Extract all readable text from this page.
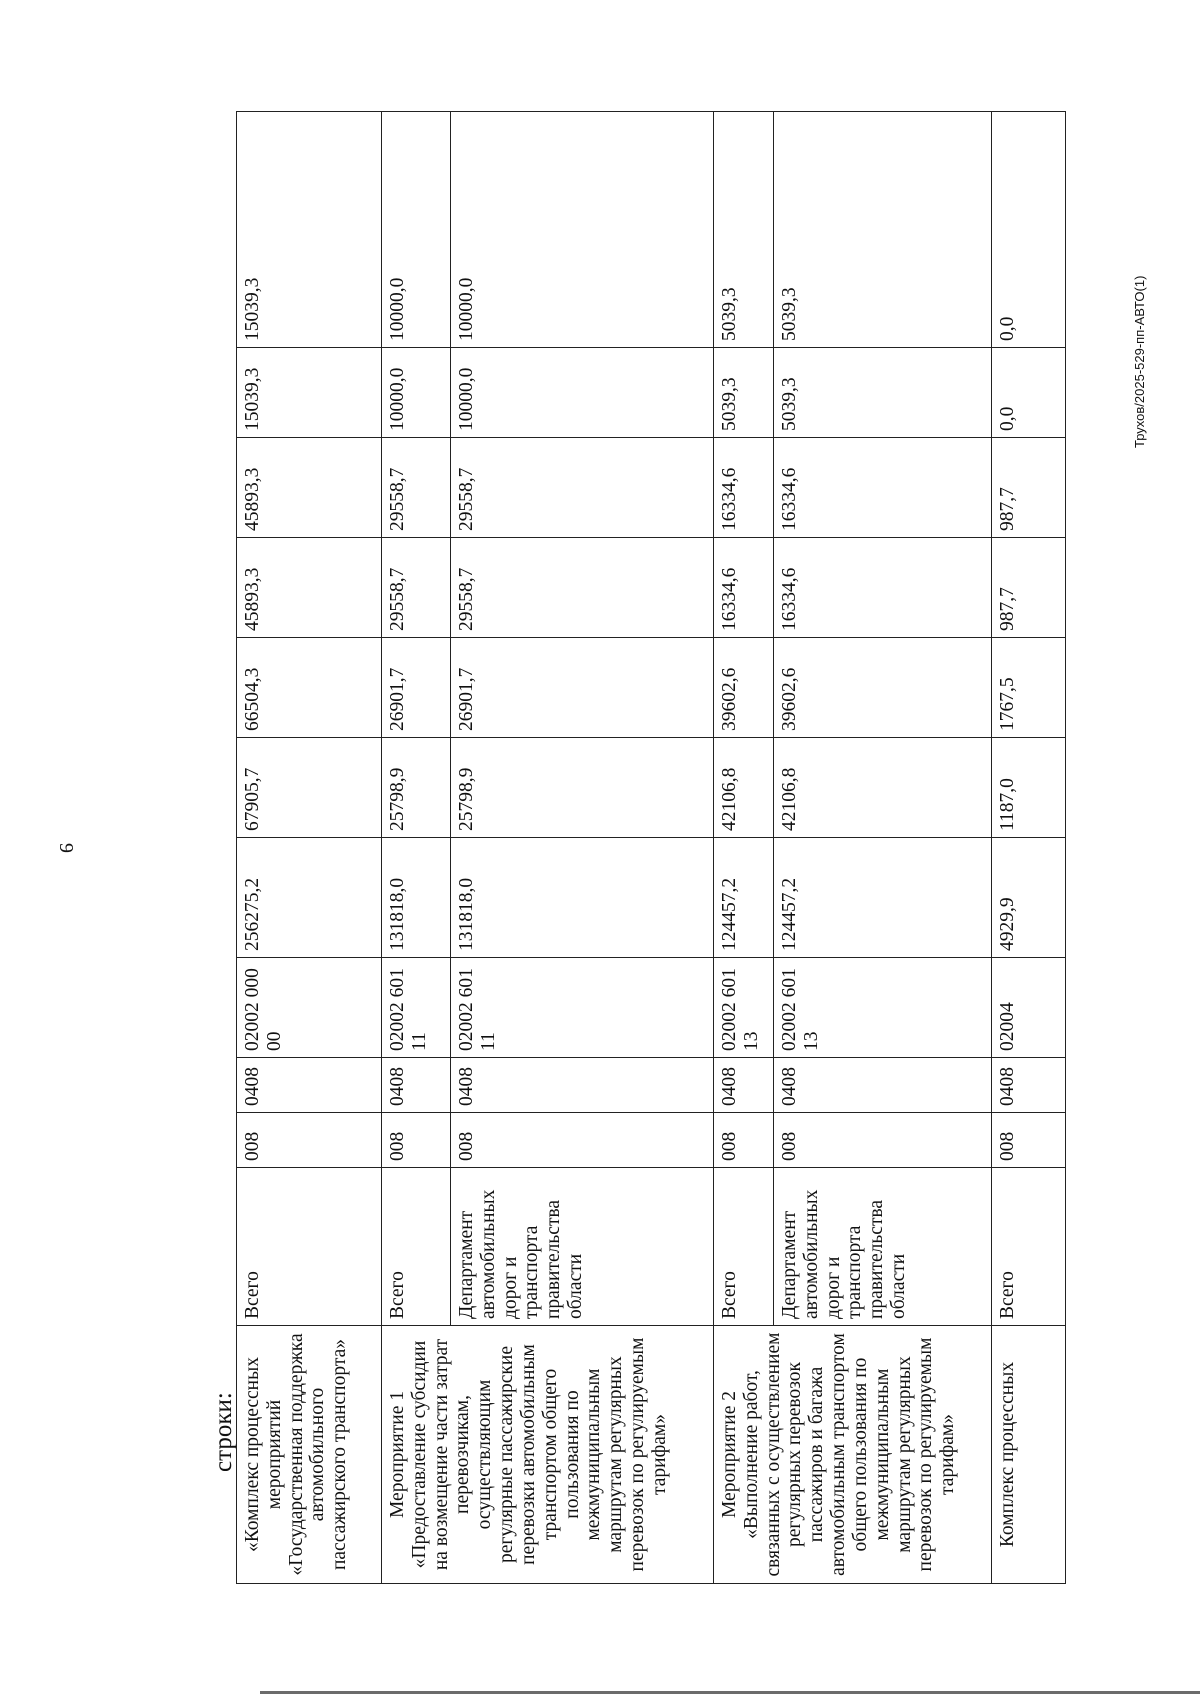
9
строки:
Трухов/2025-529-пп-АВТО(1)
«Комплекс процессных мероприятий «Государственная поддержка автомобильного пассажирского транспорта»	Всего	008	0408	02002 00000	256275,2	67905,7	66504,3	45893,3	45893,3	15039,3	15039,3
Мероприятие 1 «Предоставление субсидии на возмещение части затрат перевозчикам, осуществляющим регулярные пассажирские перевозки автомобильным транспортом общего пользования по межмуниципальным маршрутам регулярных перевозок по регулируемым тарифам»	Всего	008	0408	02002 60111	131818,0	25798,9	26901,7	29558,7	29558,7	10000,0	10000,0
	Департамент автомобильных дорог и транспорта правительства области	008	0408	02002 60111	131818,0	25798,9	26901,7	29558,7	29558,7	10000,0	10000,0
Мероприятие 2 «Выполнение работ, связанных с осуществлением регулярных перевозок пассажиров и багажа автомобильным транспортом общего пользования по межмуниципальным маршрутам регулярных перевозок по регулируемым тарифам»	Всего	008	0408	02002 60113	124457,2	42106,8	39602,6	16334,6	16334,6	5039,3	5039,3
	Департамент автомобильных дорог и транспорта правительства области	008	0408	02002 60113	124457,2	42106,8	39602,6	16334,6	16334,6	5039,3	5039,3
Комплекс процессных	Всего	008	0408	02004	4929,9	1187,0	1767,5	987,7	987,7	0,0	0,0
